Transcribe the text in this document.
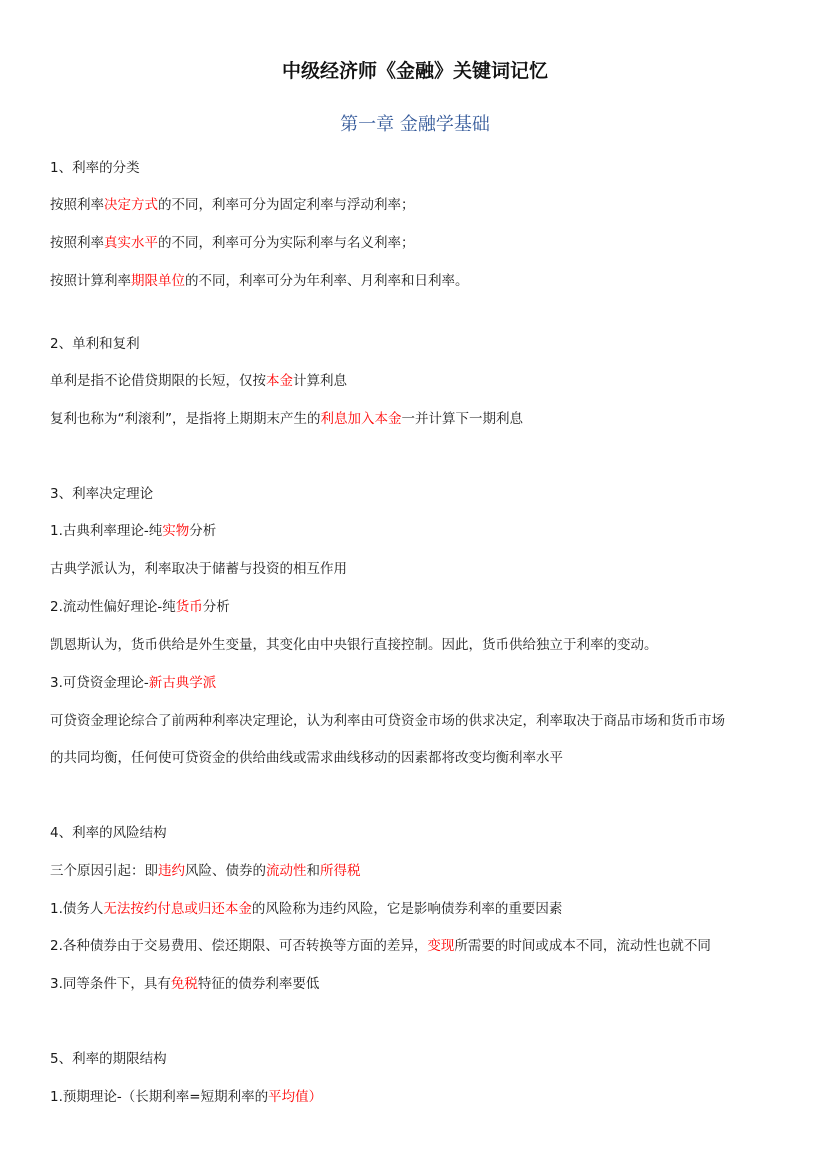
中级经济师《金融》关键词记忆
第一章 金融学基础
1、利率的分类
按照利率决定方式的不同，利率可分为固定利率与浮动利率；
按照利率真实水平的不同，利率可分为实际利率与名义利率；
按照计算利率期限单位的不同，利率可分为年利率、月利率和日利率。
2、单利和复利
单利是指不论借贷期限的长短，仅按本金计算利息
复利也称为“利滚利”，是指将上期期末产生的利息加入本金一并计算下一期利息
3、利率决定理论
1.古典利率理论-纯实物分析
古典学派认为，利率取决于储蓄与投资的相互作用
2.流动性偏好理论-纯货币分析
凯恩斯认为，货币供给是外生变量，其变化由中央银行直接控制。因此，货币供给独立于利率的变动。
3.可贷资金理论-新古典学派
可贷资金理论综合了前两种利率决定理论，认为利率由可贷资金市场的供求决定，利率取决于商品市场和货币市场
的共同均衡，任何使可贷资金的供给曲线或需求曲线移动的因素都将改变均衡利率水平
4、利率的风险结构
三个原因引起：即违约风险、债券的流动性和所得税
1.债务人无法按约付息或归还本金的风险称为违约风险，它是影响债券利率的重要因素
2.各种债券由于交易费用、偿还期限、可否转换等方面的差异，变现所需要的时间或成本不同，流动性也就不同
3.同等条件下，具有免税特征的债券利率要低
5、利率的期限结构
1.预期理论-（长期利率=短期利率的平均值）
